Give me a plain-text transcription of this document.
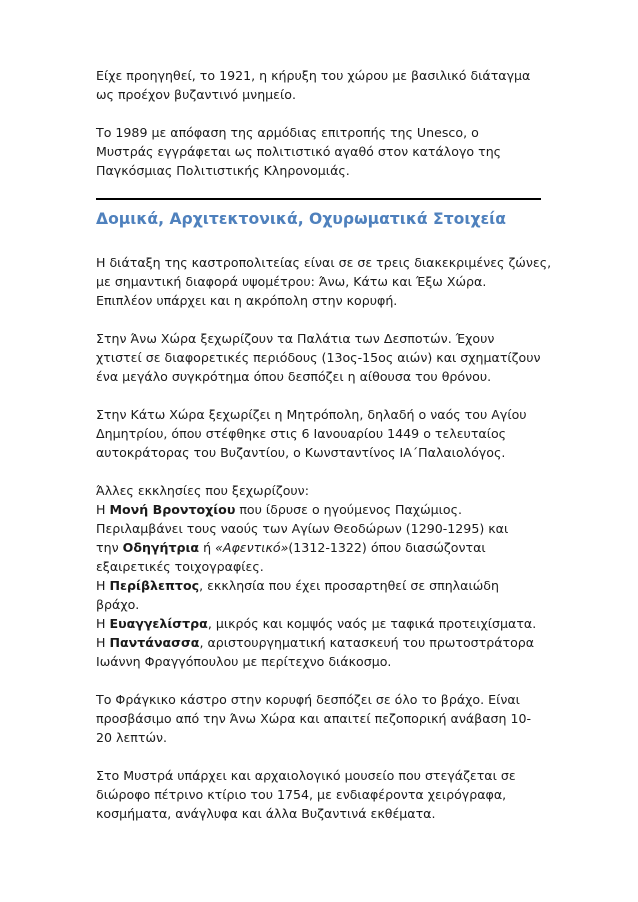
Είχε προηγηθεί, το 1921, η κήρυξη του χώρου με βασιλικό διάταγμα
ως προέχον βυζαντινό μνημείο.

Το 1989 με απόφαση της αρμόδιας επιτροπής της Unesco, ο
Μυστράς εγγράφεται ως πολιτιστικό αγαθό στον κατάλογο της
Παγκόσμιας Πολιτιστικής Κληρονομιάς.

Δομικά, Αρχιτεκτονικά, Οχυρωματικά Στοιχεία

Η διάταξη της καστροπολιτείας είναι σε σε τρεις διακεκριμένες ζώνες,
με σημαντική διαφορά υψομέτρου: Άνω, Κάτω και Έξω Χώρα.
Επιπλέον υπάρχει και η ακρόπολη στην κορυφή.

Στην Άνω Χώρα ξεχωρίζουν τα Παλάτια των Δεσποτών. Έχουν
χτιστεί σε διαφορετικές περιόδους (13ος-15ος αιών) και σχηματίζουν
ένα μεγάλο συγκρότημα όπου δεσπόζει η αίθουσα του θρόνου.

Στην Κάτω Χώρα ξεχωρίζει η Μητρόπολη, δηλαδή ο ναός του Αγίου
Δημητρίου, όπου στέφθηκε στις 6 Ιανουαρίου 1449 ο τελευταίος
αυτοκράτορας του Βυζαντίου, ο Κωνσταντίνος ΙΑ΄Παλαιολόγος.

Άλλες εκκλησίες που ξεχωρίζουν:
Η Μονή Βροντοχίου που ίδρυσε ο ηγούμενος Παχώμιος.
Περιλαμβάνει τους ναούς των Αγίων Θεοδώρων (1290-1295) και
την Οδηγήτρια ή «Αφεντικό»(1312-1322) όπου διασώζονται
εξαιρετικές τοιχογραφίες.
Η Περίβλεπτος, εκκλησία που έχει προσαρτηθεί σε σπηλαιώδη
βράχο.
Η Ευαγγελίστρα, μικρός και κομψός ναός με ταφικά προτειχίσματα.
Η Παντάνασσα, αριστουργηματική κατασκευή του πρωτοστράτορα
Ιωάννη Φραγγόπουλου με περίτεχνο διάκοσμο.

Το Φράγκικο κάστρο στην κορυφή δεσπόζει σε όλο το βράχο. Είναι
προσβάσιμο από την Άνω Χώρα και απαιτεί πεζοπορική ανάβαση 10-
20 λεπτών.

Στο Μυστρά υπάρχει και αρχαιολογικό μουσείο που στεγάζεται σε
διώροφο πέτρινο κτίριο του 1754, με ενδιαφέροντα χειρόγραφα,
κοσμήματα, ανάγλυφα και άλλα Βυζαντινά εκθέματα.
